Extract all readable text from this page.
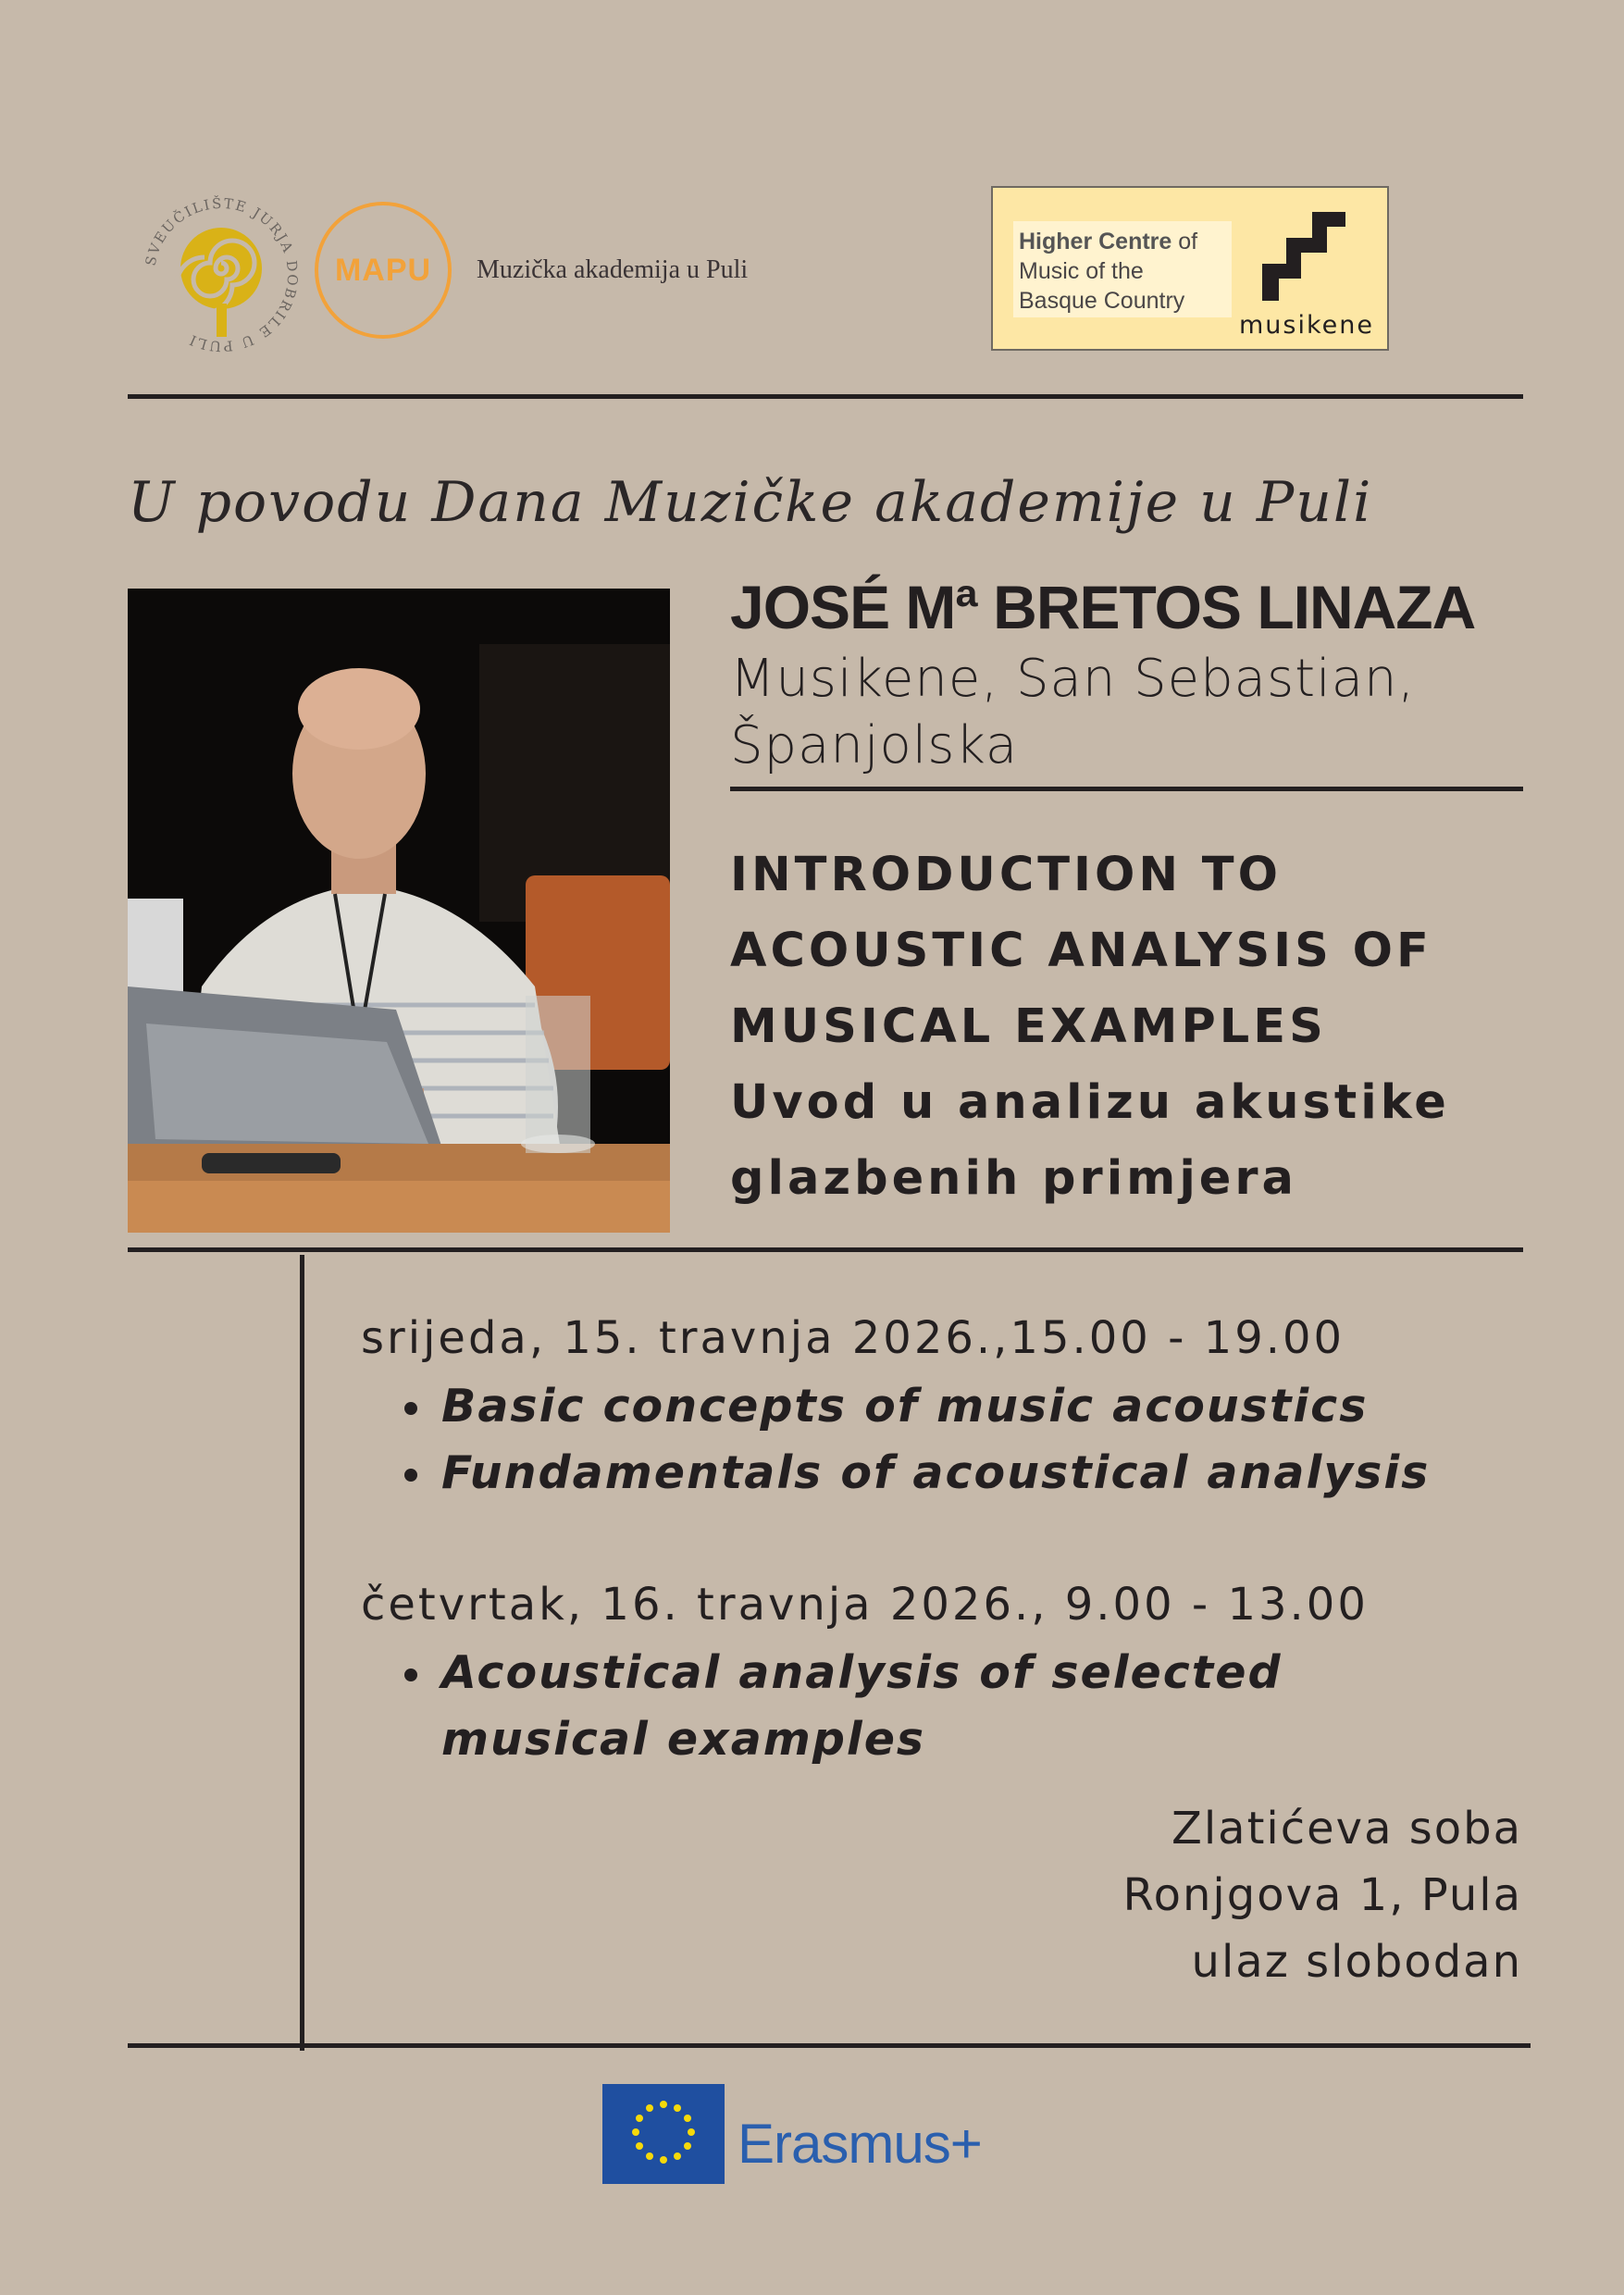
SVEUČILIŠTE JURJA DOBRILE U PULI
MAPU Muzička akademija u Puli
Higher Centre of
Music of the
Basque Country
musikene
U povodu Dana Muzičke akademije u Puli
JOSÉ Mª BRETOS LINAZA
Musikene, San Sebastian,
Španjolska
INTRODUCTION TO
ACOUSTIC ANALYSIS OF
MUSICAL EXAMPLES
Uvod u analizu akustike
glazbenih primjera
srijeda, 15. travnja 2026.,15.00 - 19.00
Basic concepts of music acoustics
Fundamentals of acoustical analysis
četvrtak, 16. travnja 2026., 9.00 - 13.00
Acoustical analysis of selected
musical examples
Zlatićeva soba
Ronjgova 1, Pula
ulaz slobodan
Erasmus+
